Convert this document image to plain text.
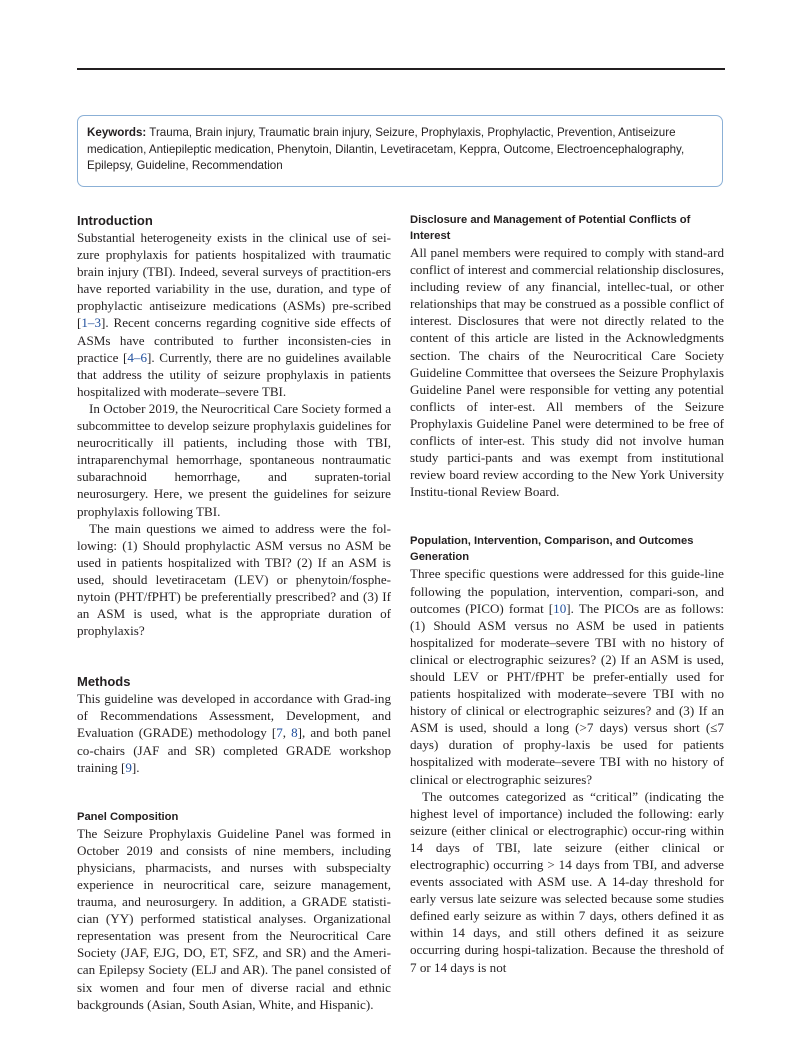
Keywords: Trauma, Brain injury, Traumatic brain injury, Seizure, Prophylaxis, Prophylactic, Prevention, Antiseizure medication, Antiepileptic medication, Phenytoin, Dilantin, Levetiracetam, Keppra, Outcome, Electroencephalography, Epilepsy, Guideline, Recommendation
Introduction

Substantial heterogeneity exists in the clinical use of sei-zure prophylaxis for patients hospitalized with traumatic brain injury (TBI). Indeed, several surveys of practition-ers have reported variability in the use, duration, and type of prophylactic antiseizure medications (ASMs) pre-scribed [1–3]. Recent concerns regarding cognitive side effects of ASMs have contributed to further inconsisten-cies in practice [4–6]. Currently, there are no guidelines available that address the utility of seizure prophylaxis in patients hospitalized with moderate–severe TBI.

In October 2019, the Neurocritical Care Society formed a subcommittee to develop seizure prophylaxis guidelines for neurocritically ill patients, including those with TBI, intraparenchymal hemorrhage, spontaneous nontraumatic subarachnoid hemorrhage, and supraten-torial neurosurgery. Here, we present the guidelines for seizure prophylaxis following TBI.

The main questions we aimed to address were the fol-lowing: (1) Should prophylactic ASM versus no ASM be used in patients hospitalized with TBI? (2) If an ASM is used, should levetiracetam (LEV) or phenytoin/fosphe-nytoin (PHT/fPHT) be preferentially prescribed? and (3) If an ASM is used, what is the appropriate duration of prophylaxis?

Methods

This guideline was developed in accordance with Grad-ing of Recommendations Assessment, Development, and Evaluation (GRADE) methodology [7, 8], and both panel co-chairs (JAF and SR) completed GRADE workshop training [9].

Panel Composition

The Seizure Prophylaxis Guideline Panel was formed in October 2019 and consists of nine members, including physicians, pharmacists, and nurses with subspecialty experience in neurocritical care, seizure management, trauma, and neurosurgery. In addition, a GRADE statisti-cian (YY) performed statistical analyses. Organizational representation was present from the Neurocritical Care Society (JAF, EJG, DO, ET, SFZ, and SR) and the Ameri-can Epilepsy Society (ELJ and AR). The panel consisted of six women and four men of diverse racial and ethnic backgrounds (Asian, South Asian, White, and Hispanic).

Disclosure and Management of Potential Conflicts of Interest

All panel members were required to comply with stand-ard conflict of interest and commercial relationship disclosures, including review of any financial, intellec-tual, or other relationships that may be construed as a possible conflict of interest. Disclosures that were not directly related to the content of this article are listed in the Acknowledgments section. The chairs of the Neurocritical Care Society Guideline Committee that oversees the Seizure Prophylaxis Guideline Panel were responsible for vetting any potential conflicts of inter-est. All members of the Seizure Prophylaxis Guideline Panel were determined to be free of conflicts of inter-est. This study did not involve human study partici-pants and was exempt from institutional review board review according to the New York University Institu-tional Review Board.

Population, Intervention, Comparison, and Outcomes Generation

Three specific questions were addressed for this guide-line following the population, intervention, compari-son, and outcomes (PICO) format [10]. The PICOs are as follows: (1) Should ASM versus no ASM be used in patients hospitalized for moderate–severe TBI with no history of clinical or electrographic seizures? (2) If an ASM is used, should LEV or PHT/fPHT be prefer-entially used for patients hospitalized with moderate–severe TBI with no history of clinical or electrographic seizures? and (3) If an ASM is used, should a long (>7 days) versus short (≤7 days) duration of prophy-laxis be used for patients hospitalized with moderate–severe TBI with no history of clinical or electrographic seizures?

The outcomes categorized as “critical” (indicating the highest level of importance) included the following: early seizure (either clinical or electrographic) occur-ring within 14 days of TBI, late seizure (either clinical or electrographic) occurring > 14 days from TBI, and adverse events associated with ASM use. A 14-day threshold for early versus late seizure was selected because some studies defined early seizure as within 7 days, others defined it as within 14 days, and still others defined it as seizure occurring during hospi-talization. Because the threshold of 7 or 14 days is not
